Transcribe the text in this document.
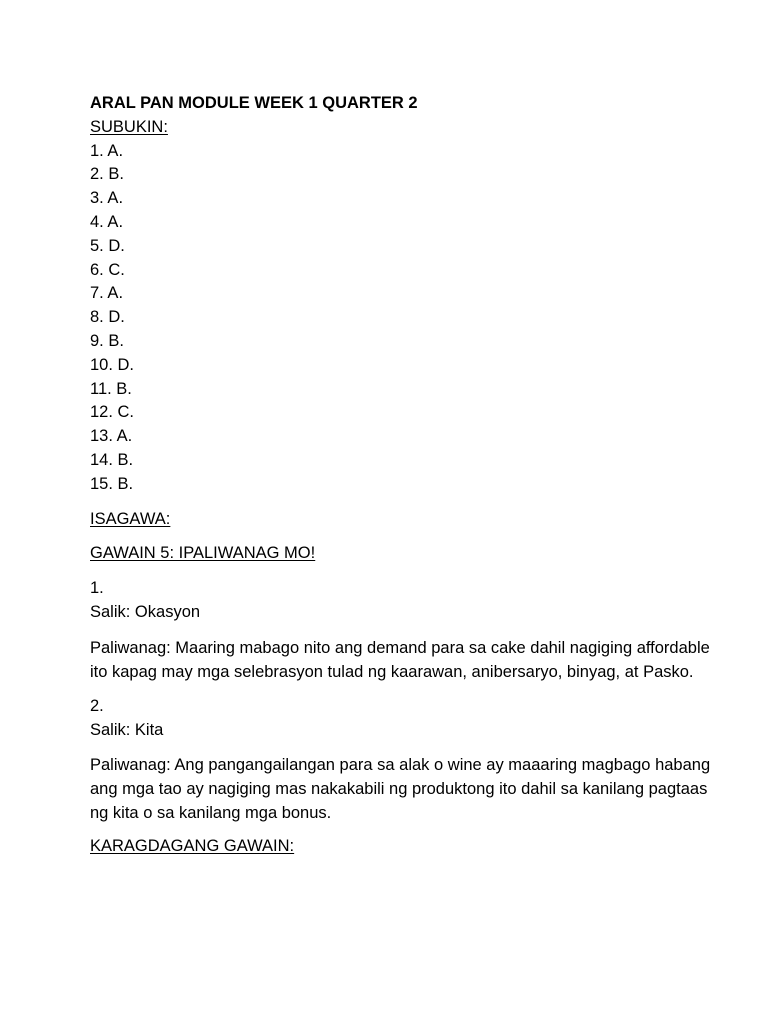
ARAL PAN MODULE WEEK 1 QUARTER 2

SUBUKIN:

1. A.
2. B.
3. A.
4. A.
5. D.
6. C.
7. A.
8. D.
9. B.
10. D.
11. B.
12. C.
13. A.
14. B.
15. B.

ISAGAWA:

GAWAIN 5: IPALIWANAG MO!

1.

Salik: Okasyon

Paliwanag: Maaring mabago nito ang demand para sa cake dahil nagiging affordable ito kapag may mga selebrasyon tulad ng kaarawan, anibersaryo, binyag, at Pasko.

2.

Salik: Kita

Paliwanag: Ang pangangailangan para sa alak o wine ay maaaring magbago habang ang mga tao ay nagiging mas nakakabili ng produktong ito dahil sa kanilang pagtaas ng kita o sa kanilang mga bonus.

KARAGDAGANG GAWAIN:
